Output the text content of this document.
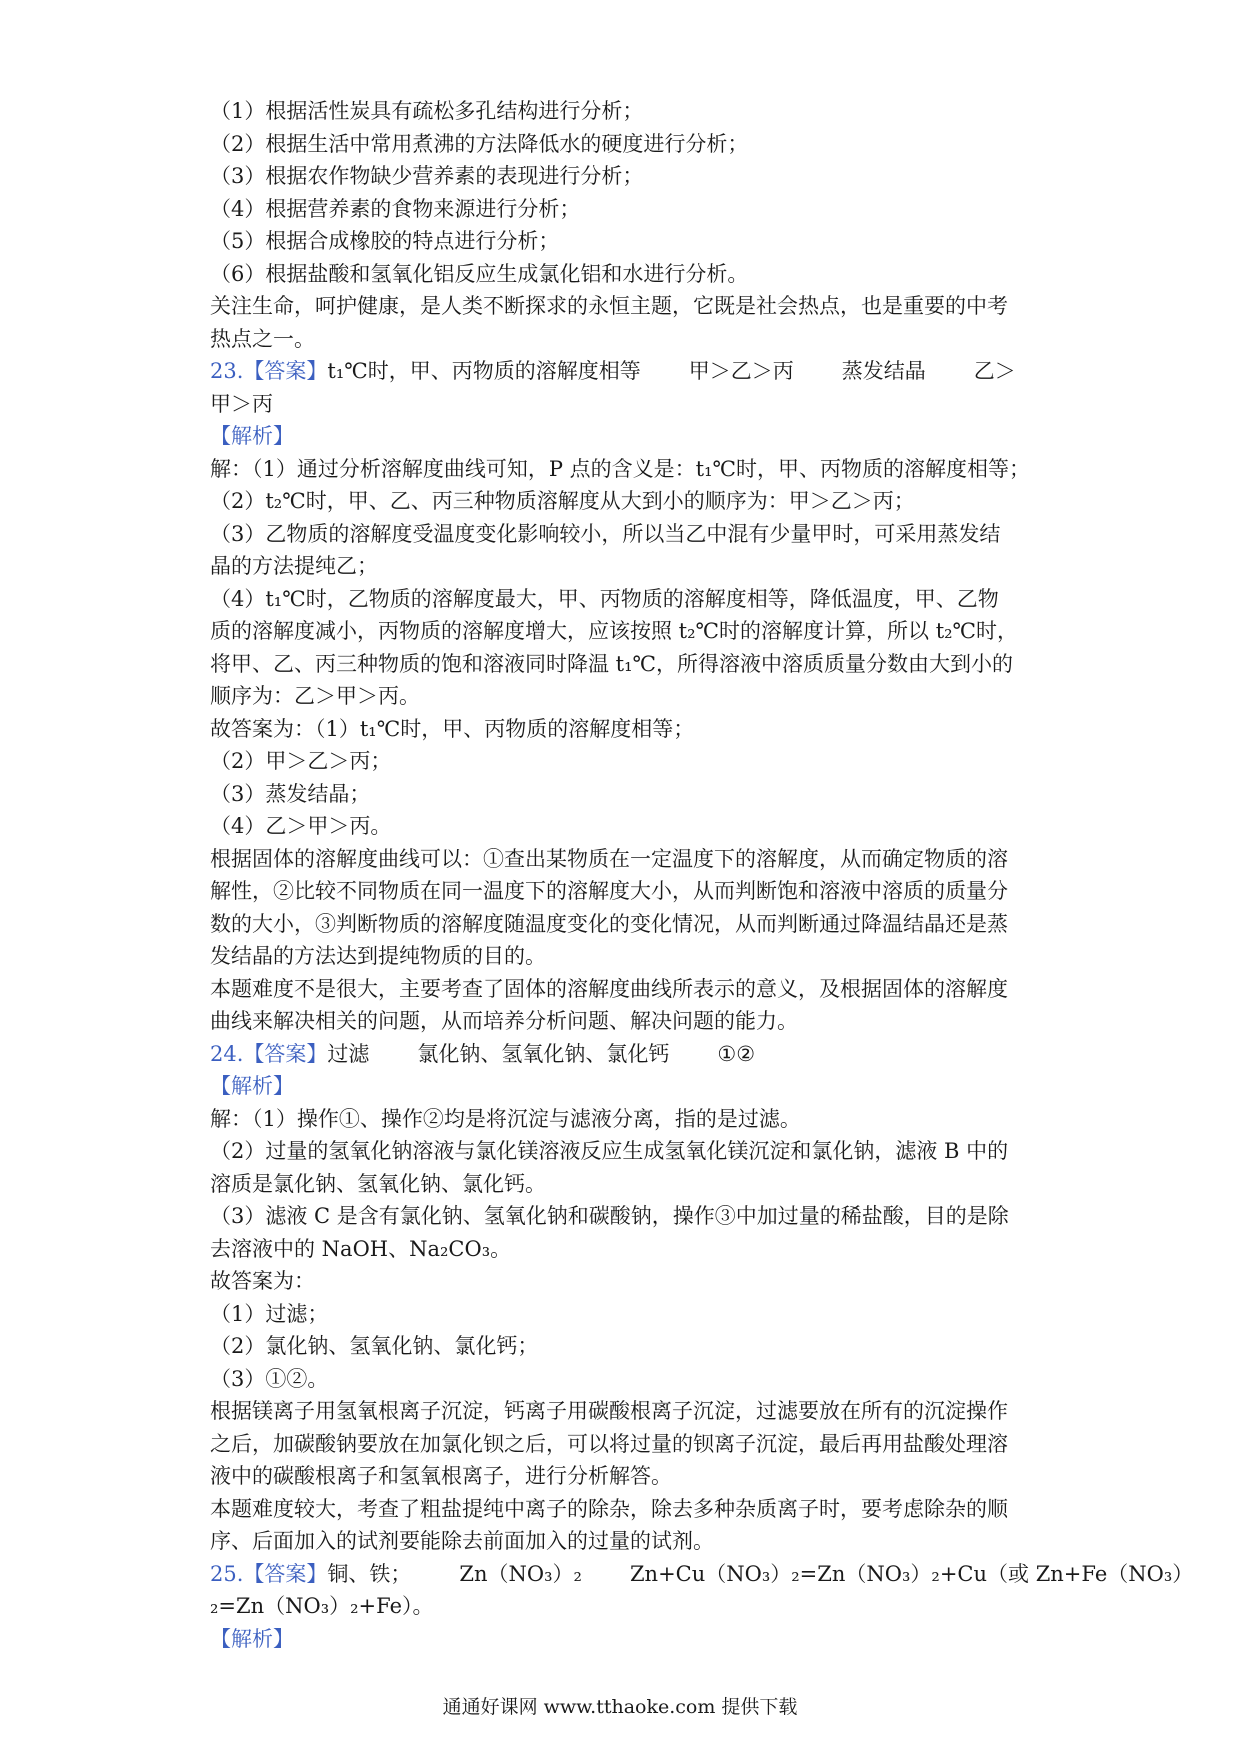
（1）根据活性炭具有疏松多孔结构进行分析；
（2）根据生活中常用煮沸的方法降低水的硬度进行分析；
（3）根据农作物缺少营养素的表现进行分析；
（4）根据营养素的食物来源进行分析；
（5）根据合成橡胶的特点进行分析；
（6）根据盐酸和氢氧化铝反应生成氯化铝和水进行分析。
关注生命，呵护健康，是人类不断探求的永恒主题，它既是社会热点，也是重要的中考
热点之一。
23.【答案】t₁℃时，甲、丙物质的溶解度相等 甲＞乙＞丙 蒸发结晶 乙＞
甲＞丙
【解析】
解：（1）通过分析溶解度曲线可知，P 点的含义是：t₁℃时，甲、丙物质的溶解度相等；
（2）t₂℃时，甲、乙、丙三种物质溶解度从大到小的顺序为：甲＞乙＞丙；
（3）乙物质的溶解度受温度变化影响较小，所以当乙中混有少量甲时，可采用蒸发结
晶的方法提纯乙；
（4）t₁℃时，乙物质的溶解度最大，甲、丙物质的溶解度相等，降低温度，甲、乙物
质的溶解度减小，丙物质的溶解度增大，应该按照 t₂℃时的溶解度计算，所以 t₂℃时，
将甲、乙、丙三种物质的饱和溶液同时降温 t₁℃，所得溶液中溶质质量分数由大到小的
顺序为：乙＞甲＞丙。
故答案为：（1）t₁℃时，甲、丙物质的溶解度相等；
（2）甲＞乙＞丙；
（3）蒸发结晶；
（4）乙＞甲＞丙。
根据固体的溶解度曲线可以：①查出某物质在一定温度下的溶解度，从而确定物质的溶
解性，②比较不同物质在同一温度下的溶解度大小，从而判断饱和溶液中溶质的质量分
数的大小，③判断物质的溶解度随温度变化的变化情况，从而判断通过降温结晶还是蒸
发结晶的方法达到提纯物质的目的。
本题难度不是很大，主要考查了固体的溶解度曲线所表示的意义，及根据固体的溶解度
曲线来解决相关的问题，从而培养分析问题、解决问题的能力。
24.【答案】过滤 氯化钠、氢氧化钠、氯化钙 ①②
【解析】
解：（1）操作①、操作②均是将沉淀与滤液分离，指的是过滤。
（2）过量的氢氧化钠溶液与氯化镁溶液反应生成氢氧化镁沉淀和氯化钠，滤液 B 中的
溶质是氯化钠、氢氧化钠、氯化钙。
（3）滤液 C 是含有氯化钠、氢氧化钠和碳酸钠，操作③中加过量的稀盐酸，目的是除
去溶液中的 NaOH、Na₂CO₃。
故答案为：
（1）过滤；
（2）氯化钠、氢氧化钠、氯化钙；
（3）①②。
根据镁离子用氢氧根离子沉淀，钙离子用碳酸根离子沉淀，过滤要放在所有的沉淀操作
之后，加碳酸钠要放在加氯化钡之后，可以将过量的钡离子沉淀，最后再用盐酸处理溶
液中的碳酸根离子和氢氧根离子，进行分析解答。
本题难度较大，考查了粗盐提纯中离子的除杂，除去多种杂质离子时，要考虑除杂的顺
序、后面加入的试剂要能除去前面加入的过量的试剂。
25.【答案】铜、铁； Zn（NO₃）₂ Zn+Cu（NO₃）₂=Zn（NO₃）₂+Cu（或 Zn+Fe（NO₃）
₂=Zn（NO₃）₂+Fe）。
【解析】
通通好课网 www.tthaoke.com 提供下载
